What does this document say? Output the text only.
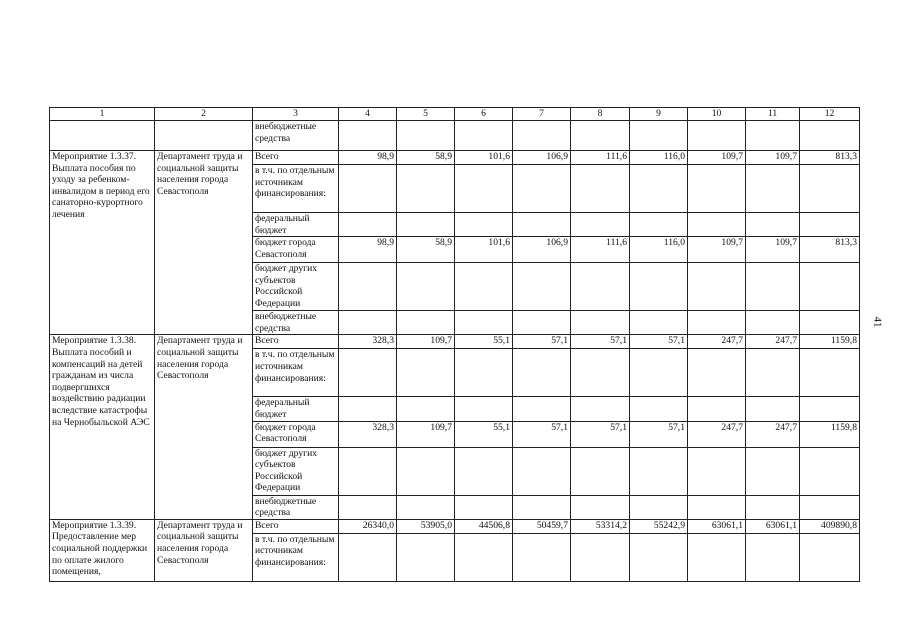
1	2	3	4	5	6	7	8	9	10	11	12
		внебюджетные средства									
Мероприятие 1.3.37. Выплата пособия по уходу за ребенком-инвалидом в период его санаторно-курортного лечения	Департамент труда и социальной защиты населения города Севастополя	Всего	98,9	58,9	101,6	106,9	111,6	116,0	109,7	109,7	813,3
		в т.ч. по отдельным источникам финансирования:									
		федеральный бюджет									
		бюджет города Севастополя	98,9	58,9	101,6	106,9	111,6	116,0	109,7	109,7	813,3
		бюджет других субъектов Российской Федерации									
		внебюджетные средства									
Мероприятие 1.3.38. Выплата пособий и компенсаций на детей гражданам из числа подвергшихся воздействию радиации вследствие катастрофы на Чернобыльской АЭС	Департамент труда и социальной защиты населения города Севастополя	Всего	328,3	109,7	55,1	57,1	57,1	57,1	247,7	247,7	1159,8
		в т.ч. по отдельным источникам финансирования:									
		федеральный бюджет									
		бюджет города Севастополя	328,3	109,7	55,1	57,1	57,1	57,1	247,7	247,7	1159,8
		бюджет других субъектов Российской Федерации									
		внебюджетные средства									
Мероприятие 1.3.39. Предоставление мер социальной поддержки по оплате жилого помещения,	Департамент труда и социальной защиты населения города Севастополя	Всего	26340,0	53905,0	44506,8	50459,7	53314,2	55242,9	63061,1	63061,1	409890,8
		в т.ч. по отдельным источникам финансирования:									
41
